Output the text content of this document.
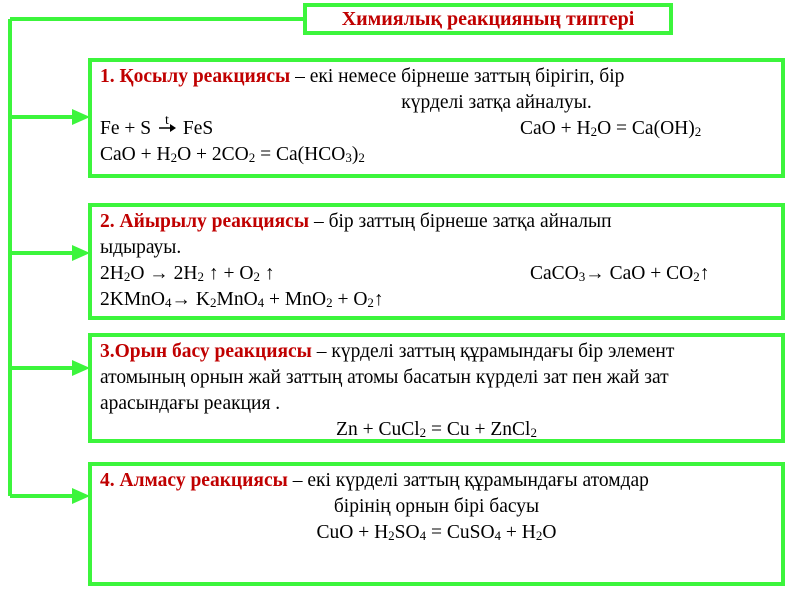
Химиялық реакцияның типтері
1. Қосылу реакциясы – екі немесе бірнеше заттың бірігіп, бір
күрделі затқа айналуы.
Fe + S $^t$ FeS	CaO + $H_2O = Ca(OH)_2$
CaO + $H_2O + 2CO_2 = Ca(HCO_3)_2$
2. Айырылу реакциясы – бір заттың бірнеше затқа айналып
ыдырауы.
$2H_2O \to 2H_2$ ↑ + $O_2$ ↑	CaCO$_3$→ CaO + $CO_2↑$
2KMnO$_4$→ $K_2MnO_4 + MnO_2$ + $O_2↑$
3.Орын басу реакциясы – күрделі заттың құрамындағы бір элемент
атомының орнын жай заттың атомы басатын күрделі зат пен жай зат
арасындағы реакция .
Zn + CuCl$_2$ = Cu + ZnCl$_2$
4. Алмасу реакциясы – екі күрделі заттың құрамындағы атомдар
бірінің орнын бірі басуы
CuO + $H_2SO_4$ = CuSO$_4$ + $H_2O$
